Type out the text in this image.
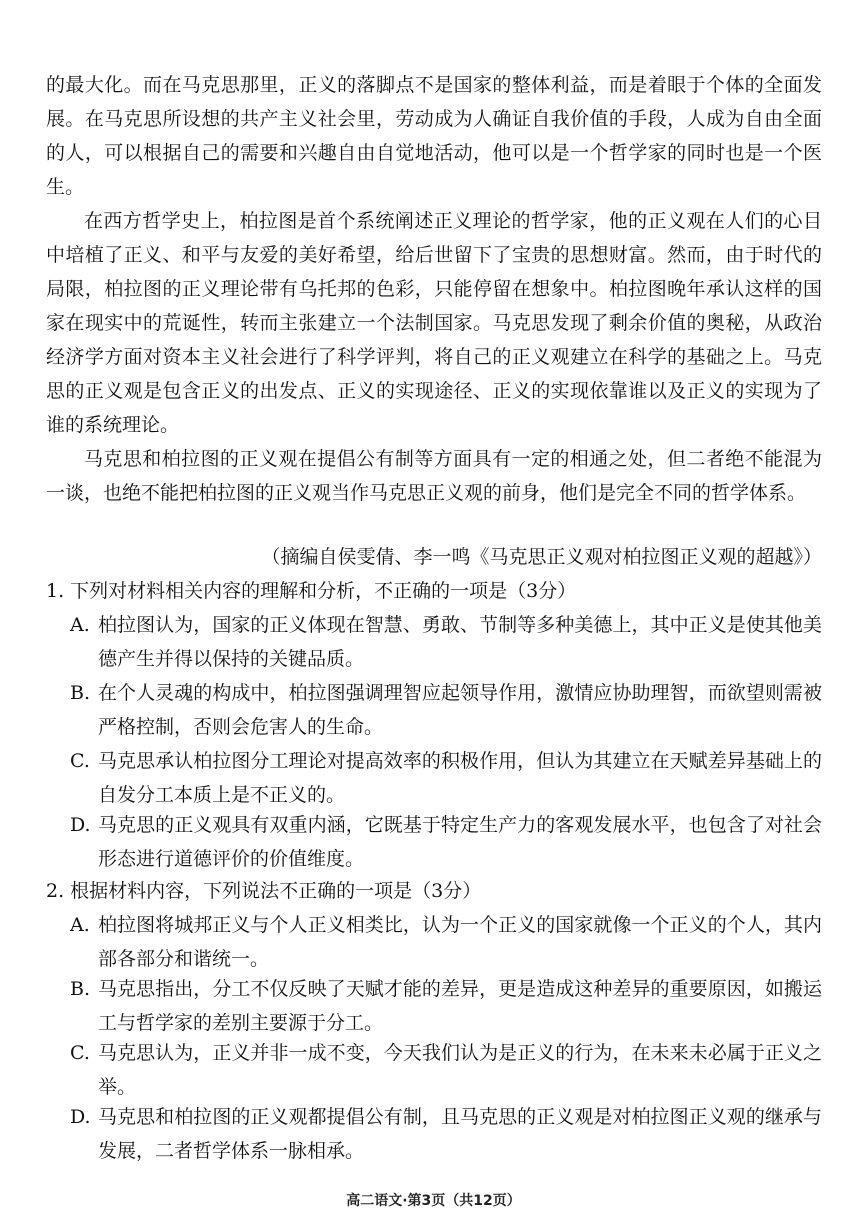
的最大化。而在马克思那里，正义的落脚点不是国家的整体利益，而是着眼于个体的全面发展。在马克思所设想的共产主义社会里，劳动成为人确证自我价值的手段，人成为自由全面的人，可以根据自己的需要和兴趣自由自觉地活动，他可以是一个哲学家的同时也是一个医生。

在西方哲学史上，柏拉图是首个系统阐述正义理论的哲学家，他的正义观在人们的心目中培植了正义、和平与友爱的美好希望，给后世留下了宝贵的思想财富。然而，由于时代的局限，柏拉图的正义理论带有乌托邦的色彩，只能停留在想象中。柏拉图晚年承认这样的国家在现实中的荒诞性，转而主张建立一个法制国家。马克思发现了剩余价值的奥秘，从政治经济学方面对资本主义社会进行了科学评判，将自己的正义观建立在科学的基础之上。马克思的正义观是包含正义的出发点、正义的实现途径、正义的实现依靠谁以及正义的实现为了谁的系统理论。

马克思和柏拉图的正义观在提倡公有制等方面具有一定的相通之处，但二者绝不能混为一谈，也绝不能把柏拉图的正义观当作马克思正义观的前身，他们是完全不同的哲学体系。

（摘编自侯雯倩、李一鸣《马克思正义观对柏拉图正义观的超越》）

1. 下列对材料相关内容的理解和分析，不正确的一项是（3分）

A. 柏拉图认为，国家的正义体现在智慧、勇敢、节制等多种美德上，其中正义是使其他美德产生并得以保持的关键品质。
B. 在个人灵魂的构成中，柏拉图强调理智应起领导作用，激情应协助理智，而欲望则需被严格控制，否则会危害人的生命。
C. 马克思承认柏拉图分工理论对提高效率的积极作用，但认为其建立在天赋差异基础上的自发分工本质上是不正义的。
D. 马克思的正义观具有双重内涵，它既基于特定生产力的客观发展水平，也包含了对社会形态进行道德评价的价值维度。

2. 根据材料内容，下列说法不正确的一项是（3分）

A. 柏拉图将城邦正义与个人正义相类比，认为一个正义的国家就像一个正义的个人，其内部各部分和谐统一。
B. 马克思指出，分工不仅反映了天赋才能的差异，更是造成这种差异的重要原因，如搬运工与哲学家的差别主要源于分工。
C. 马克思认为，正义并非一成不变，今天我们认为是正义的行为，在未来未必属于正义之举。
D. 马克思和柏拉图的正义观都提倡公有制，且马克思的正义观是对柏拉图正义观的继承与发展，二者哲学体系一脉相承。
高二语文·第3页（共12页）
